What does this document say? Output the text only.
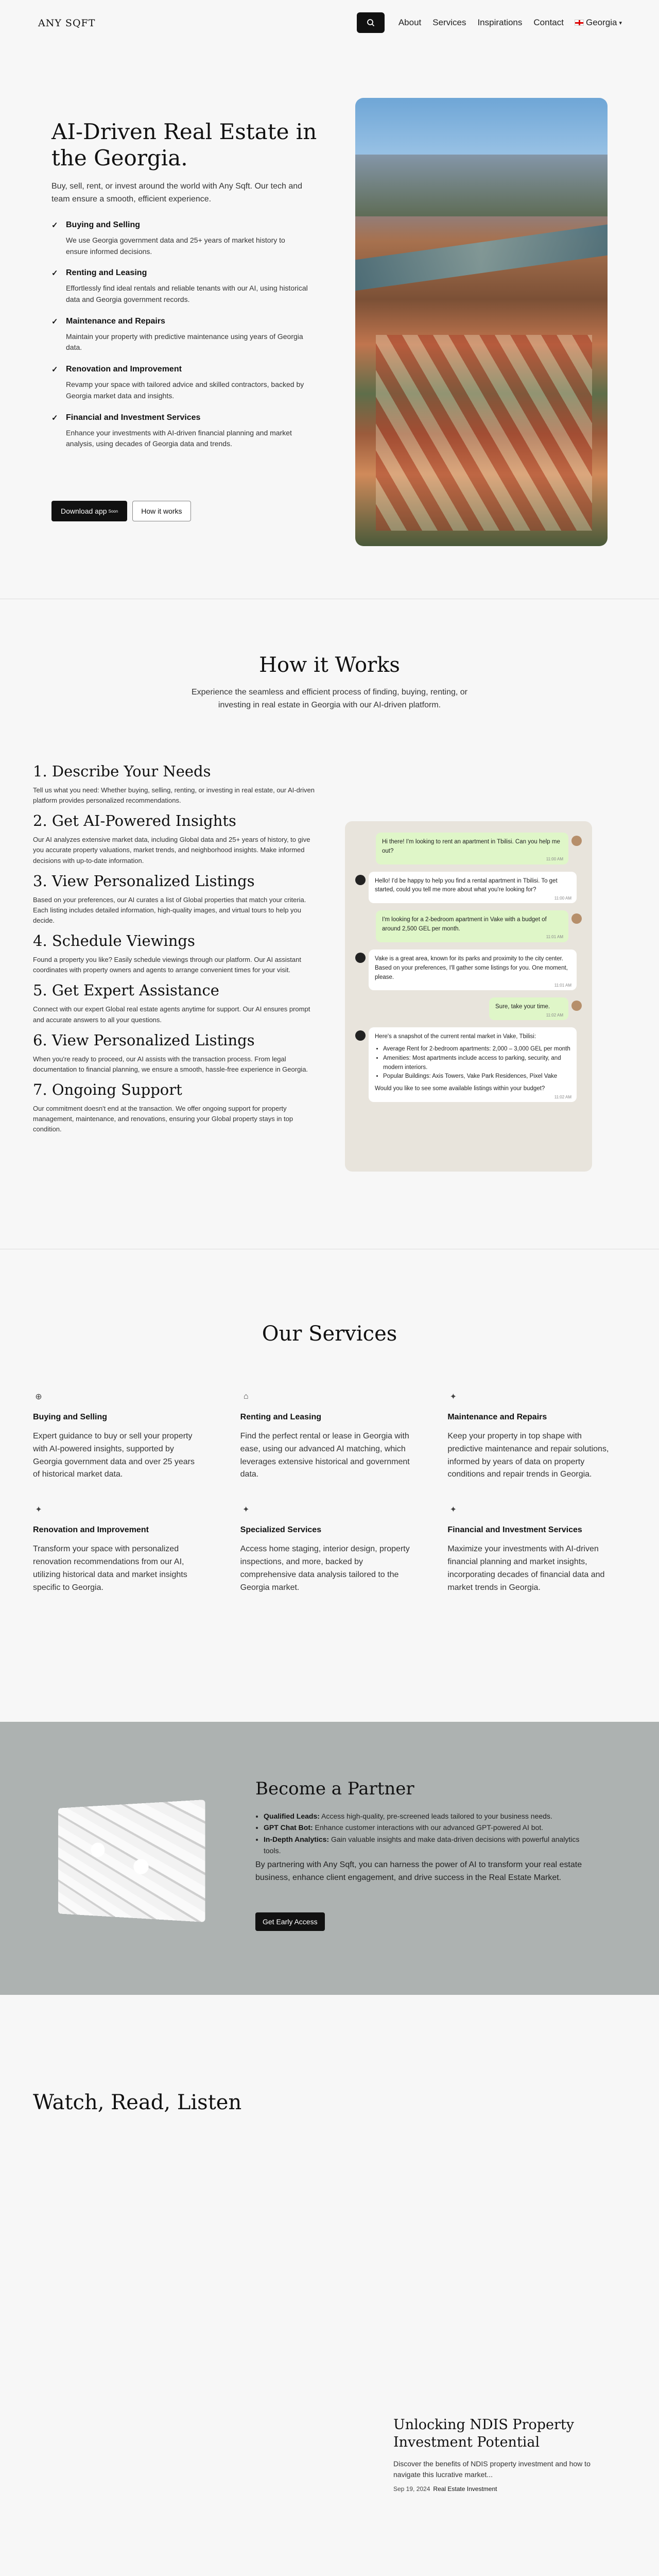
ANY SQFT	About	Services	Inspirations	Contact	Georgia ▾
AI-Driven Real Estate in the Georgia.

Buy, sell, rent, or invest around the world with Any Sqft. Our tech and team ensure a smooth, efficient experience.

✓ Buying and Selling
We use Georgia government data and 25+ years of market history to ensure informed decisions.
✓ Renting and Leasing
Effortlessly find ideal rentals and reliable tenants with our AI, using historical data and Georgia government records.
✓ Maintenance and Repairs
Maintain your property with predictive maintenance using years of Georgia data.
✓ Renovation and Improvement
Revamp your space with tailored advice and skilled contractors, backed by Georgia market data and insights.
✓ Financial and Investment Services
Enhance your investments with AI-driven financial planning and market analysis, using decades of Georgia data and trends.
Download app Soon	How it works
How it Works

Experience the seamless and efficient process of finding, buying, renting, or investing in real estate in Georgia with our AI-driven platform.

1. Describe Your Needs

Tell us what you need: Whether buying, selling, renting, or investing in real estate, our AI-driven platform provides personalized recommendations.

2. Get AI-Powered Insights

Our AI analyzes extensive market data, including Global data and 25+ years of history, to give you accurate property valuations, market trends, and neighborhood insights. Make informed decisions with up-to-date information.

3. View Personalized Listings

Based on your preferences, our AI curates a list of Global properties that match your criteria. Each listing includes detailed information, high-quality images, and virtual tours to help you decide.

4. Schedule Viewings

Found a property you like? Easily schedule viewings through our platform. Our AI assistant coordinates with property owners and agents to arrange convenient times for your visit.

5. Get Expert Assistance

Connect with our expert Global real estate agents anytime for support. Our AI ensures prompt and accurate answers to all your questions.

6. View Personalized Listings

When you're ready to proceed, our AI assists with the transaction process. From legal documentation to financial planning, we ensure a smooth, hassle-free experience in Georgia.

7. Ongoing Support

Our commitment doesn't end at the transaction. We offer ongoing support for property management, maintenance, and renovations, ensuring your Global property stays in top condition.

Hi there! I'm looking to rent an apartment in Tbilisi. Can you help me out?
11:00 AM
Hello! I'd be happy to help you find a rental apartment in Tbilisi. To get started, could you tell me more about what you're looking for?
11:00 AM
I'm looking for a 2-bedroom apartment in Vake with a budget of around 2,500 GEL per month.
11:01 AM
Vake is a great area, known for its parks and proximity to the city center. Based on your preferences, I'll gather some listings for you. One moment, please.
11:01 AM
Sure, take your time.
11:02 AM
Here's a snapshot of the current rental market in Vake, Tbilisi:
• Average Rent for 2-bedroom apartments: 2,000 – 3,000 GEL per month
• Amenities: Most apartments include access to parking, security, and modern interiors.
• Popular Buildings: Axis Towers, Vake Park Residences, Pixel Vake
Would you like to see some available listings within your budget?
11:02 AM
Our Services
⊕
Buying and Selling

Expert guidance to buy or sell your property with AI-powered insights, supported by Georgia government data and over 25 years of historical market data.

⌂
Renting and Leasing

Find the perfect rental or lease in Georgia with ease, using our advanced AI matching, which leverages extensive historical and government data.

✦
Maintenance and Repairs

Keep your property in top shape with predictive maintenance and repair solutions, informed by years of data on property conditions and repair trends in Georgia.

✦
Renovation and Improvement

Transform your space with personalized renovation recommendations from our AI, utilizing historical data and market insights specific to Georgia.

✦
Specialized Services

Access home staging, interior design, property inspections, and more, backed by comprehensive data analysis tailored to the Georgia market.

✦
Financial and Investment Services

Maximize your investments with AI-driven financial planning and market insights, incorporating decades of financial data and market trends in Georgia.

Become a Partner
• Qualified Leads: Access high-quality, pre-screened leads tailored to your business needs.
• GPT Chat Bot: Enhance customer interactions with our advanced GPT-powered AI bot.
• In-Depth Analytics: Gain valuable insights and make data-driven decisions with powerful analytics tools.

By partnering with Any Sqft, you can harness the power of AI to transform your real estate business, enhance client engagement, and drive success in the Real Estate Market.

Get Early Access
Watch, Read, Listen
Unlocking NDIS Property Investment Potential

Discover the benefits of NDIS property investment and how to navigate this lucrative market...

Sep 19, 2024 Real Estate Investment
